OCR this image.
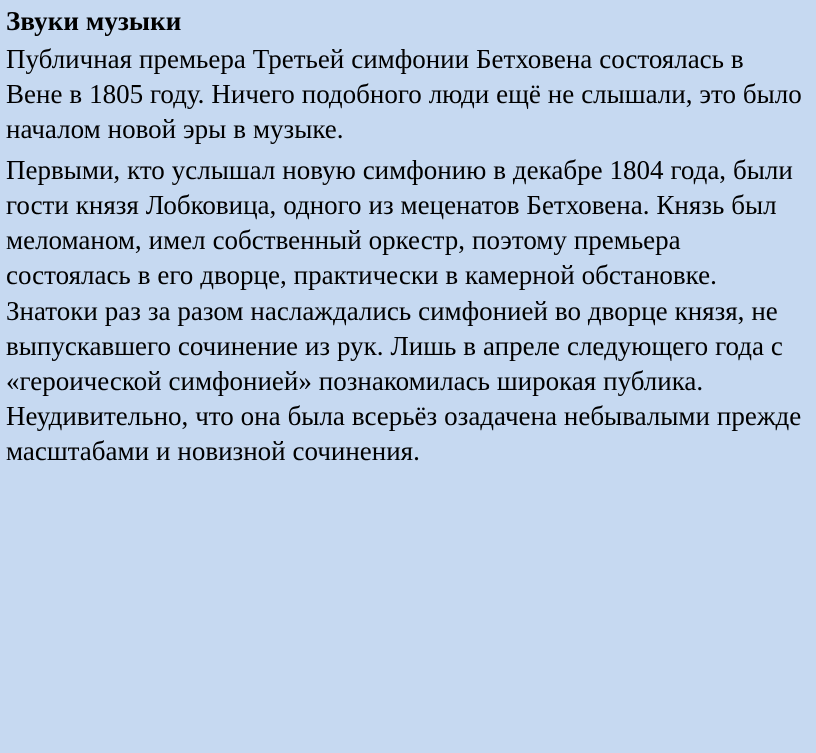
Звуки музыки

Публичная премьера Третьей симфонии Бетховена состоялась в Вене в 1805 году. Ничего подобного люди ещё не слышали, это было началом новой эры в музыке.

Первыми, кто услышал новую симфонию в декабре 1804 года, были гости князя Лобковица, одного из меценатов Бетховена. Князь был меломаном, имел собственный оркестр, поэтому премьера состоялась в его дворце, практически в камерной обстановке. Знатоки раз за разом наслаждались симфонией во дворце князя, не выпускавшего сочинение из рук. Лишь в апреле следующего года с «героической симфонией» познакомилась широкая публика. Неудивительно, что она была всерьёз озадачена небывалыми прежде масштабами и новизной сочинения.
